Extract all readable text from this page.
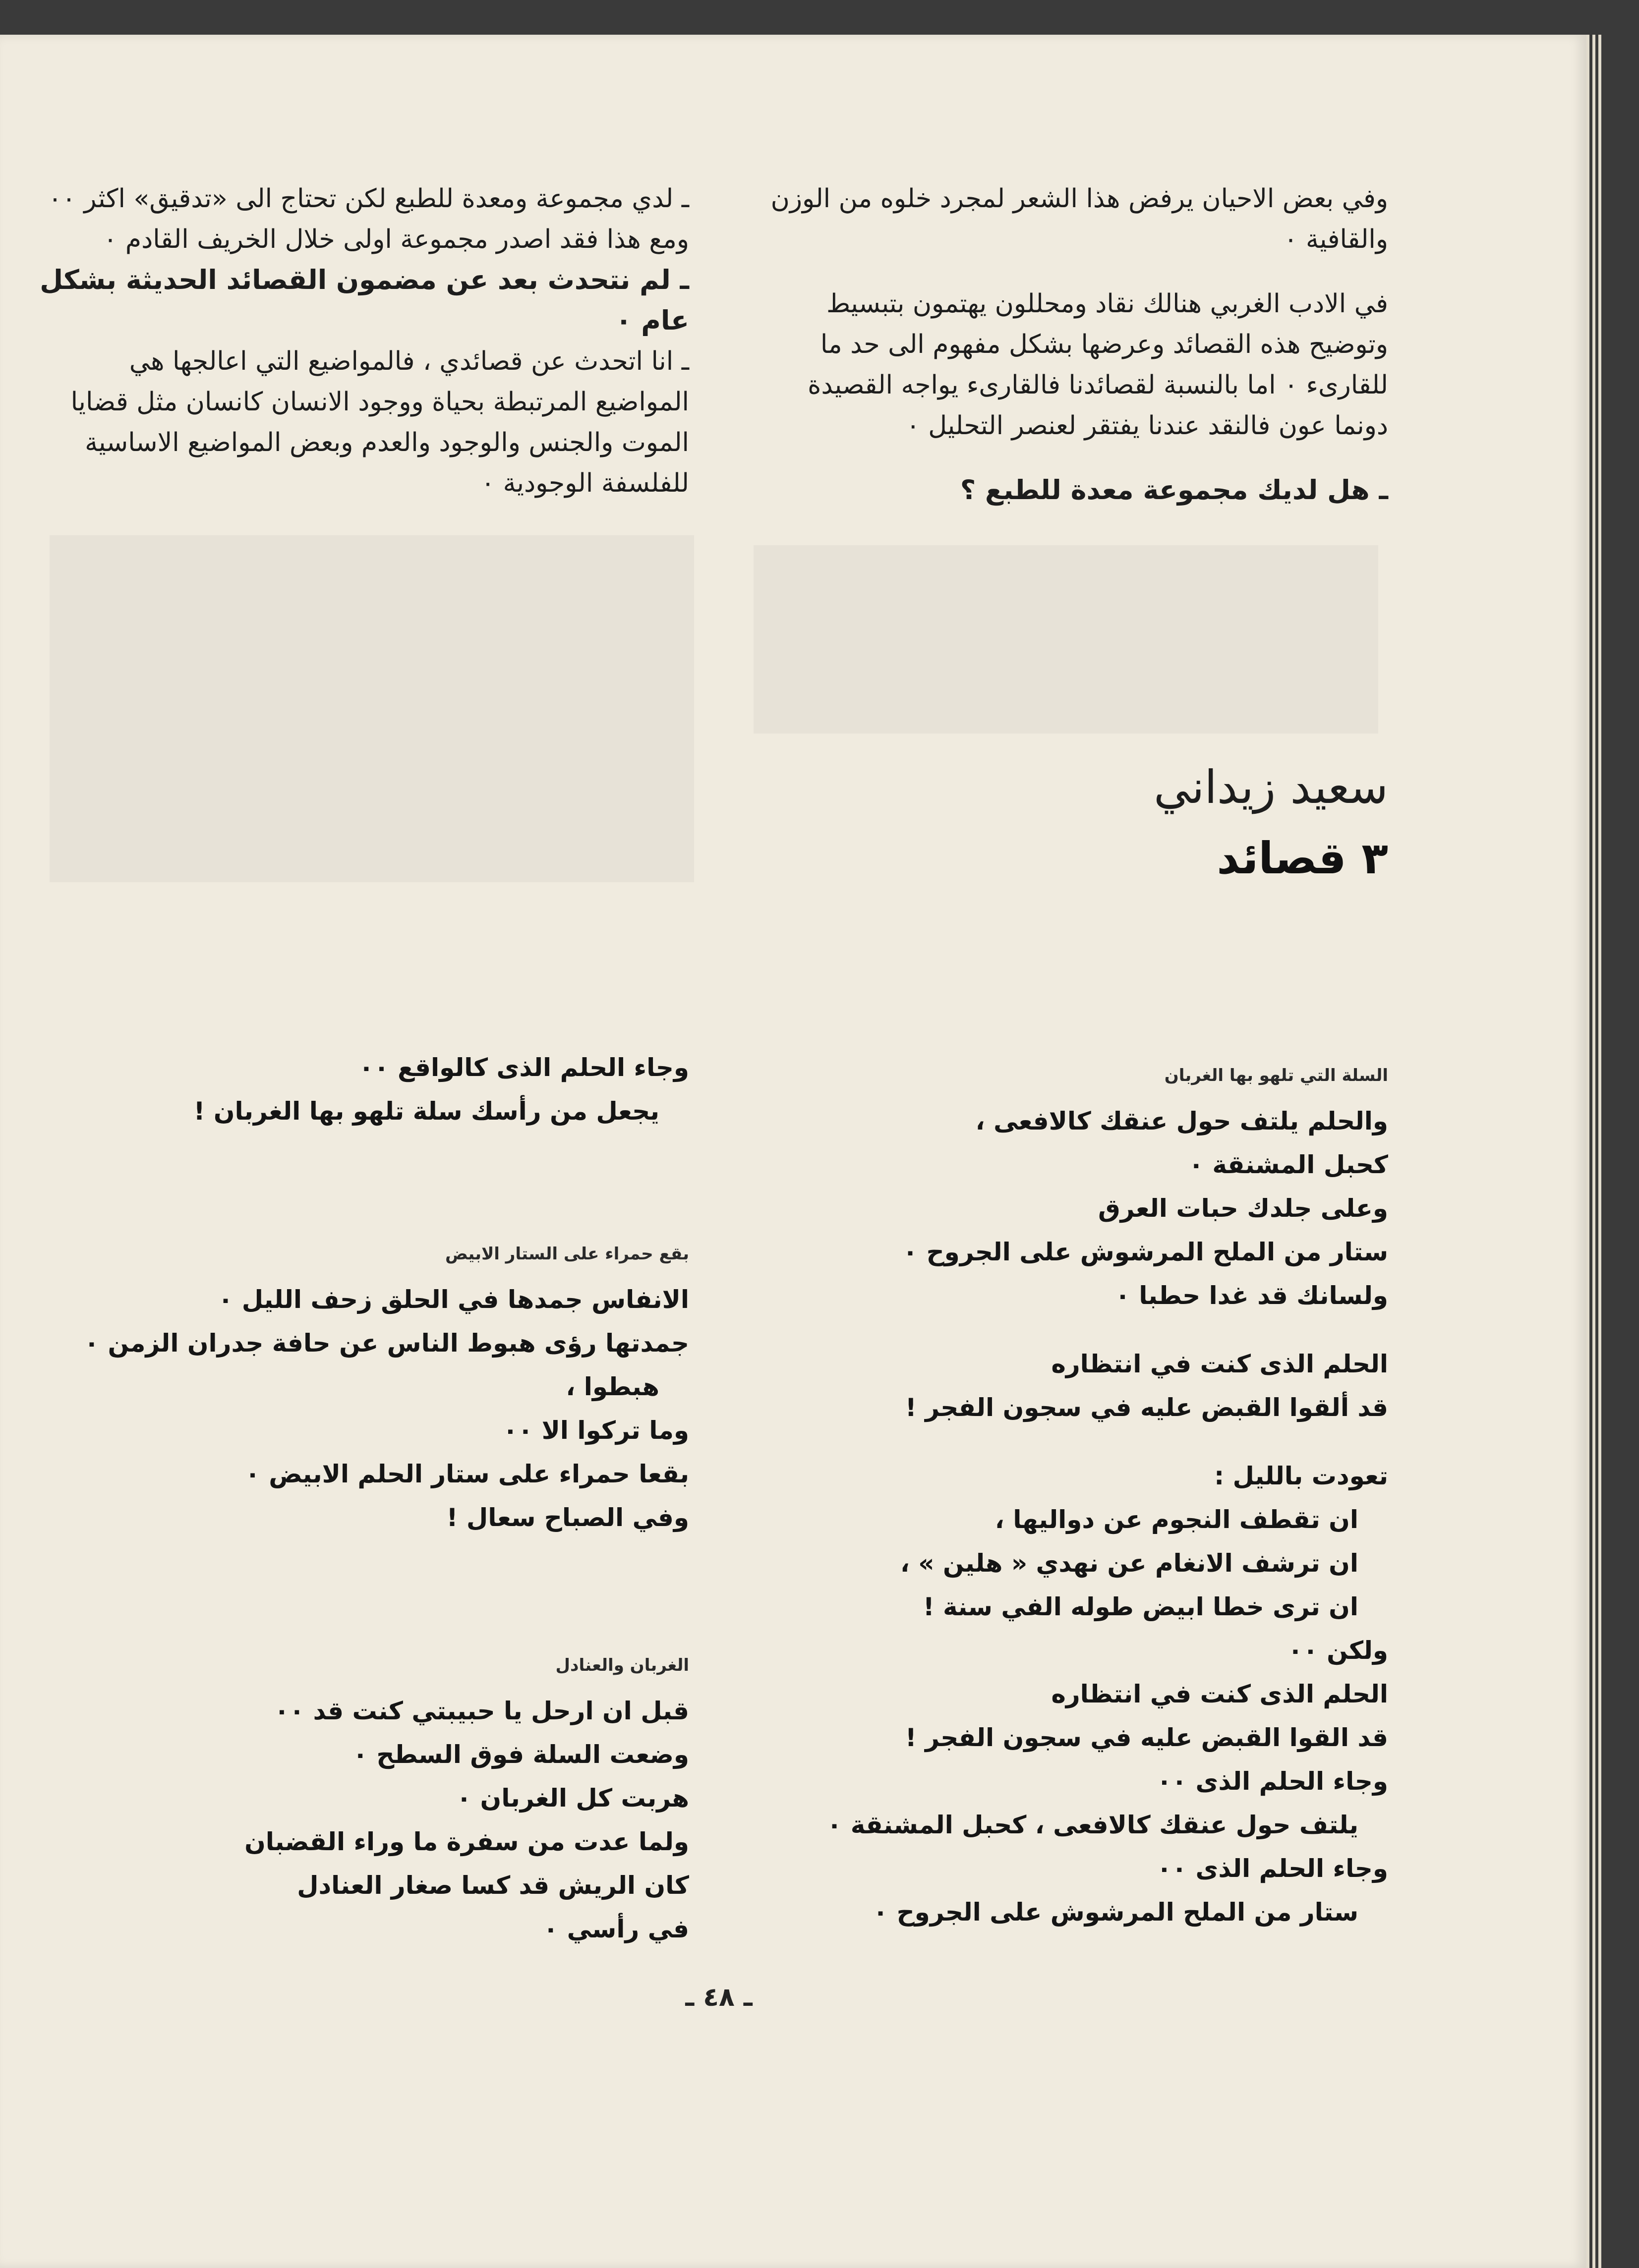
وفي بعض الاحيان يرفض هذا الشعر لمجرد خلوه من الوزن والقافية ٠

في الادب الغربي هنالك نقاد ومحللون يهتمون بتبسيط وتوضيح هذه القصائد وعرضها بشكل مفهوم الى حد ما للقارىء ٠ اما بالنسبة لقصائدنا فالقارىء يواجه القصيدة دونما عون فالنقد عندنا يفتقر لعنصر التحليل ٠

ـ هل لديك مجموعة معدة للطبع ؟

ـ لدي مجموعة ومعدة للطبع لكن تحتاج الى «تدقيق» اكثر ٠٠ ومع هذا فقد اصدر مجموعة اولى خلال الخريف القادم ٠

ـ لم نتحدث بعد عن مضمون القصائد الحديثة بشكل عام ٠

ـ انا اتحدث عن قصائدي ، فالمواضيع التي اعالجها هي المواضيع المرتبطة بحياة ووجود الانسان كانسان مثل قضايا الموت والجنس والوجود والعدم وبعض المواضيع الاساسية للفلسفة الوجودية ٠

سعيد زيداني
٣ قصائد
السلة التي تلهو بها الغربان
والحلم يلتف حول عنقك كالافعى ،
كحبل المشنقة ٠
وعلى جلدك حبات العرق
ستار من الملح المرشوش على الجروح ٠
ولسانك قد غدا حطبا ٠
الحلم الذى كنت في انتظاره
قد ألقوا القبض عليه في سجون الفجر !
تعودت بالليل :
ان تقطف النجوم عن دواليها ،
ان ترشف الانغام عن نهدي « هلين » ،
ان ترى خطا ابيض طوله الفي سنة !
ولكن ٠٠
الحلم الذى كنت في انتظاره
قد القوا القبض عليه في سجون الفجر !
وجاء الحلم الذى ٠٠
يلتف حول عنقك كالافعى ، كحبل المشنقة ٠
وجاء الحلم الذى ٠٠
ستار من الملح المرشوش على الجروح ٠
وجاء الحلم الذى كالواقع ٠٠
يجعل من رأسك سلة تلهو بها الغربان !
بقع حمراء على الستار الابيض
الانفاس جمدها في الحلق زحف الليل ٠
جمدتها رؤى هبوط الناس عن حافة جدران الزمن ٠
هبطوا ،
وما تركوا الا ٠٠
بقعا حمراء على ستار الحلم الابيض ٠
وفي الصباح سعال !
الغربان والعنادل
قبل ان ارحل يا حبيبتي كنت قد ٠٠
وضعت السلة فوق السطح ٠
هربت كل الغربان ٠
ولما عدت من سفرة ما وراء القضبان
كان الريش قد كسا صغار العنادل
في رأسي ٠
ـ ٤٨ ـ
